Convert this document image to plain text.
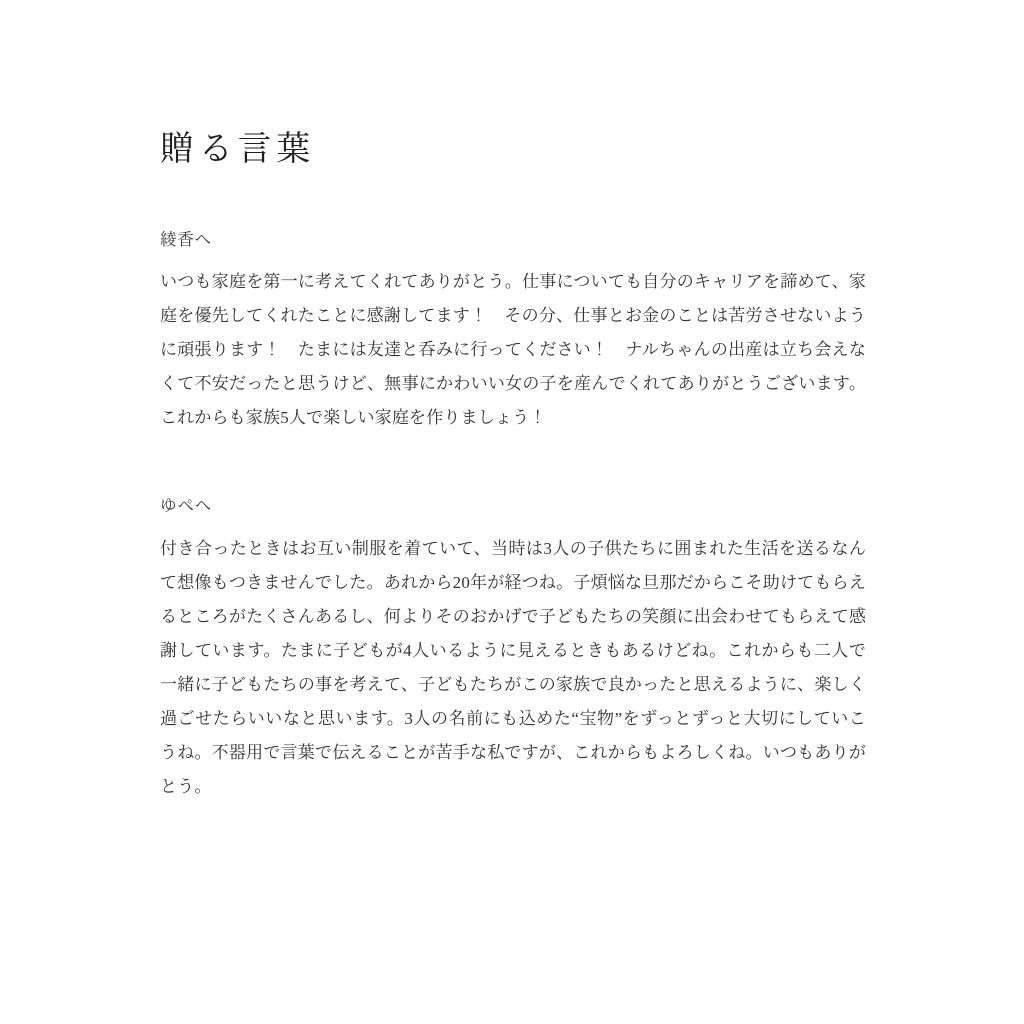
贈る言葉

綾香へ

いつも家庭を第一に考えてくれてありがとう。仕事についても自分のキャリアを諦めて、家庭を優先してくれたことに感謝してます！　その分、仕事とお金のことは苦労させないように頑張ります！　たまには友達と呑みに行ってください！　ナルちゃんの出産は立ち会えなくて不安だったと思うけど、無事にかわいい女の子を産んでくれてありがとうございます。これからも家族5人で楽しい家庭を作りましょう！

ゆぺへ

付き合ったときはお互い制服を着ていて、当時は3人の子供たちに囲まれた生活を送るなんて想像もつきませんでした。あれから20年が経つね。子煩悩な旦那だからこそ助けてもらえるところがたくさんあるし、何よりそのおかげで子どもたちの笑顔に出会わせてもらえて感謝しています。たまに子どもが4人いるように見えるときもあるけどね。これからも二人で一緒に子どもたちの事を考えて、子どもたちがこの家族で良かったと思えるように、楽しく過ごせたらいいなと思います。3人の名前にも込めた“宝物”をずっとずっと大切にしていこうね。不器用で言葉で伝えることが苦手な私ですが、これからもよろしくね。いつもありがとう。
